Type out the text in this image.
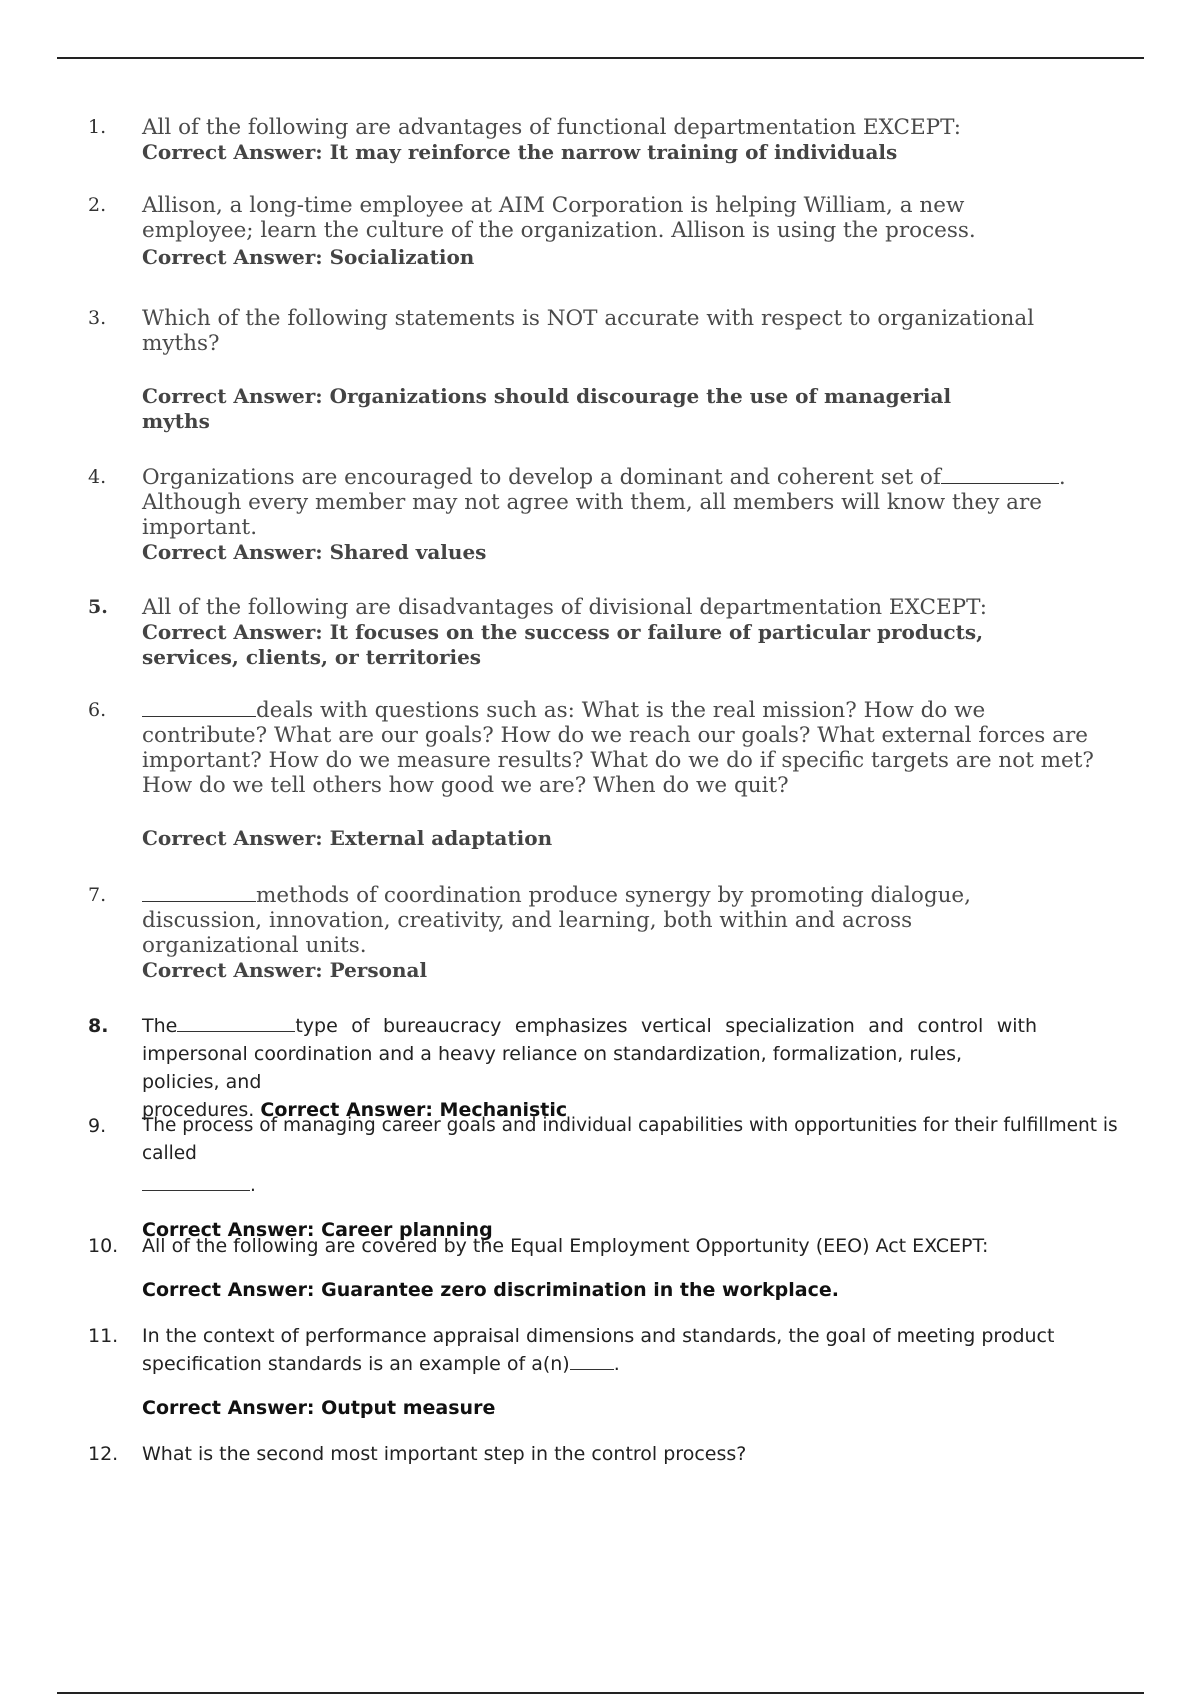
1. All of the following are advantages of functional departmentation EXCEPT:
Correct Answer: It may reinforce the narrow training of individuals
2. Allison, a long-time employee at AIM Corporation is helping William, a new
employee; learn the culture of the organization. Allison is using the process.
Correct Answer: Socialization
3. Which of the following statements is NOT accurate with respect to organizational
myths?
Correct Answer: Organizations should discourage the use of managerial
myths
4. Organizations are encouraged to develop a dominant and coherent set of	.
Although every member may not agree with them, all members will know they are
important.
Correct Answer: Shared values
5. All of the following are disadvantages of divisional departmentation EXCEPT:
Correct Answer: It focuses on the success or failure of particular products,
services, clients, or territories
6.	deals with questions such as: What is the real mission? How do we
contribute? What are our goals? How do we reach our goals? What external forces are
important? How do we measure results? What do we do if specific targets are not met?
How do we tell others how good we are? When do we quit?
Correct Answer: External adaptation
7.	methods of coordination produce synergy by promoting dialogue,
discussion, innovation, creativity, and learning, both within and across
organizational units.
Correct Answer: Personal
8. The	type of bureaucracy emphasizes vertical specialization and control with
impersonal coordination and a heavy reliance on standardization, formalization, rules, policies, and
procedures. Correct Answer: Mechanistic
9. The process of managing career goals and individual capabilities with opportunities for their fulfillment is called
.
Correct Answer: Career planning
10. All of the following are covered by the Equal Employment Opportunity (EEO) Act EXCEPT:
Correct Answer: Guarantee zero discrimination in the workplace.
11. In the context of performance appraisal dimensions and standards, the goal of meeting product
specification standards is an example of a(n) .
Correct Answer: Output measure
12. What is the second most important step in the control process?
